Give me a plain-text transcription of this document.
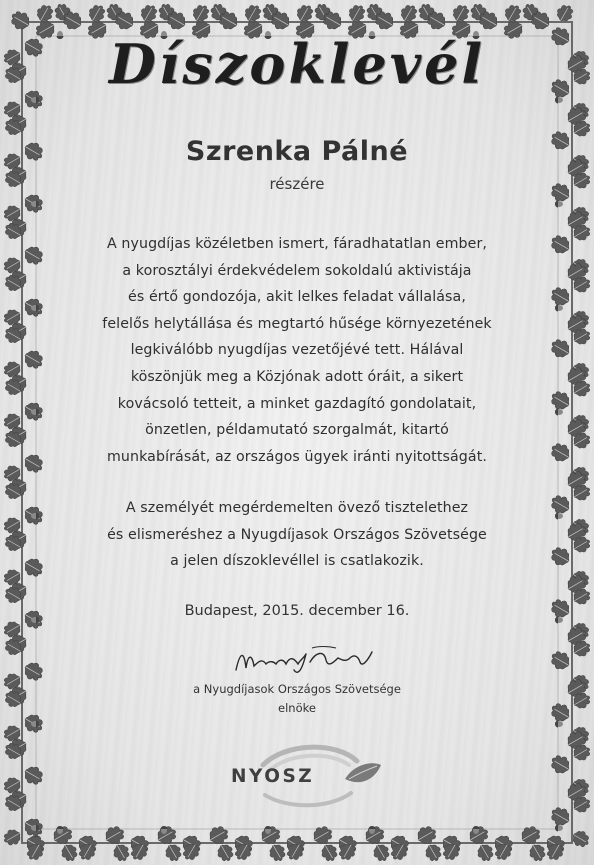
Díszoklevél
Szrenka Pálné
részére
A nyugdíjas közéletben ismert, fáradhatatlan ember,
a korosztályi érdekvédelem sokoldalú aktivistája
és értő gondozója, akit lelkes feladat vállalása,
felelős helytállása és megtartó hűsége környezetének
legkiválóbb nyugdíjas vezetőjévé tett. Hálával
köszönjük meg a Közjónak adott óráit, a sikert
kovácsoló tetteit, a minket gazdagító gondolatait,
önzetlen, példamutató szorgalmát, kitartó
munkabírását, az országos ügyek iránti nyitottságát.
A személyét megérdemelten övező tisztelethez
és elismeréshez a Nyugdíjasok Országos Szövetsége
a jelen díszoklevéllel is csatlakozik.
Budapest, 2015. december 16.
a Nyugdíjasok Országos Szövetsége
elnöke
NYOSZ
